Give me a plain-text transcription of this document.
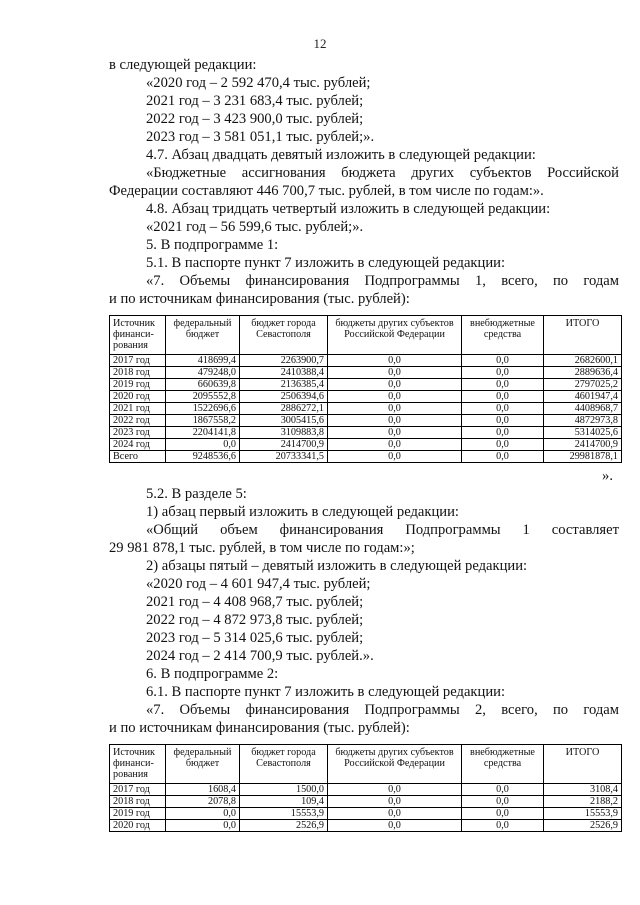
12

в следующей редакции:

«2020 год – 2 592 470,4 тыс. рублей;

2021 год – 3 231 683,4 тыс. рублей;

2022 год – 3 423 900,0 тыс. рублей;

2023 год – 3 581 051,1 тыс. рублей;».

4.7. Абзац двадцать девятый изложить в следующей редакции:

«Бюджетные ассигнования бюджета других субъектов Российской

Федерации составляют 446 700,7 тыс. рублей, в том числе по годам:».

4.8. Абзац тридцать четвертый изложить в следующей редакции:

«2021 год – 56 599,6 тыс. рублей;».

5. В подпрограмме 1:

5.1. В паспорте пункт 7 изложить в следующей редакции:

«7. Объемы финансирования Подпрограммы 1, всего, по годам

и по источникам финансирования (тыс. рублей):

Источник финанси-рования	федеральный бюджет	бюджет города Севастополя	бюджеты других субъектов Российской Федерации	внебюджетные средства	ИТОГО
2017 год	418699,4	2263900,7	0,0	0,0	2682600,1
2018 год	479248,0	2410388,4	0,0	0,0	2889636,4
2019 год	660639,8	2136385,4	0,0	0,0	2797025,2
2020 год	2095552,8	2506394,6	0,0	0,0	4601947,4
2021 год	1522696,6	2886272,1	0,0	0,0	4408968,7
2022 год	1867558,2	3005415,6	0,0	0,0	4872973,8
2023 год	2204141,8	3109883,8	0,0	0,0	5314025,6
2024 год	0,0	2414700,9	0,0	0,0	2414700,9
Всего	9248536,6	20733341,5	0,0	0,0	29981878,1

».

5.2. В разделе 5:

1) абзац первый изложить в следующей редакции:

«Общий объем финансирования Подпрограммы 1 составляет

29 981 878,1 тыс. рублей, в том числе по годам:»;

2) абзацы пятый – девятый изложить в следующей редакции:

«2020 год – 4 601 947,4 тыс. рублей;

2021 год – 4 408 968,7 тыс. рублей;

2022 год – 4 872 973,8 тыс. рублей;

2023 год – 5 314 025,6 тыс. рублей;

2024 год – 2 414 700,9 тыс. рублей.».

6. В подпрограмме 2:

6.1. В паспорте пункт 7 изложить в следующей редакции:

«7. Объемы финансирования Подпрограммы 2, всего, по годам

и по источникам финансирования (тыс. рублей):

Источник финанси-рования	федеральный бюджет	бюджет города Севастополя	бюджеты других субъектов Российской Федерации	внебюджетные средства	ИТОГО
2017 год	1608,4	1500,0	0,0	0,0	3108,4
2018 год	2078,8	109,4	0,0	0,0	2188,2
2019 год	0,0	15553,9	0,0	0,0	15553,9
2020 год	0,0	2526,9	0,0	0,0	2526,9
